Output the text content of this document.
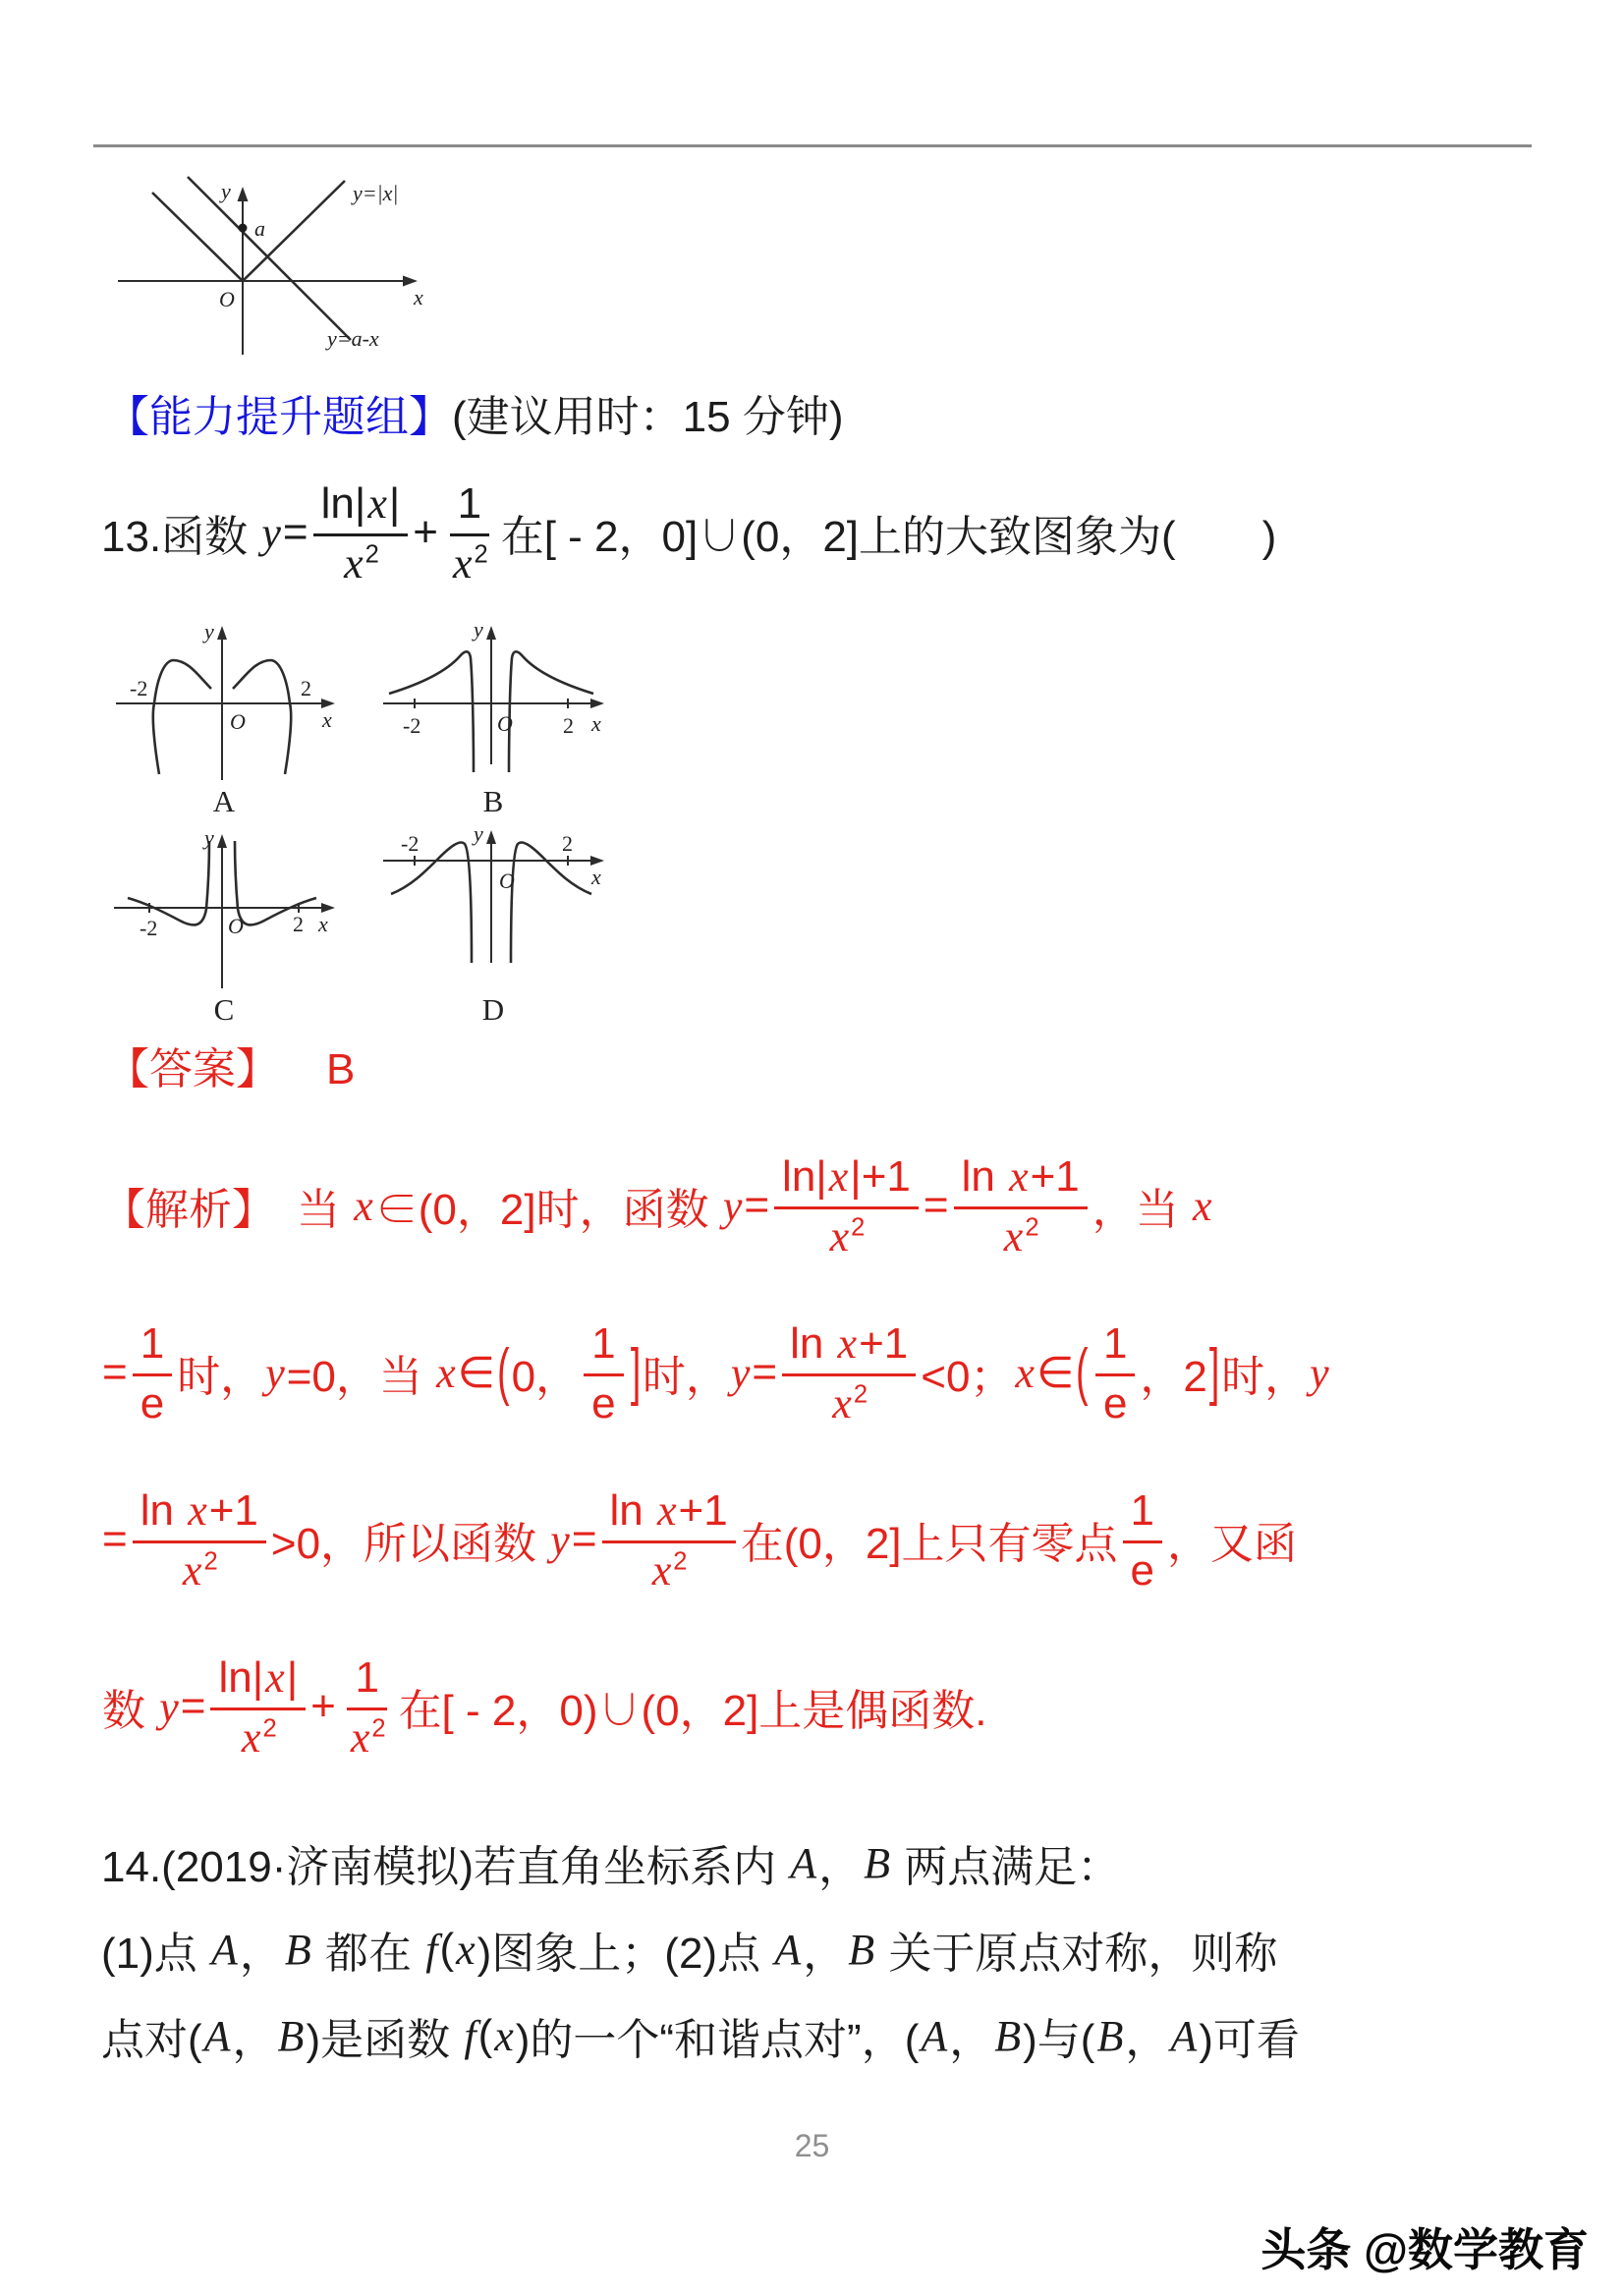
y
x
O
a
y=|x|
y=a-x
【能力提升题组】(建议用时：15 分钟)
13.函数 $y = \frac{\ln|x|}{x^2} + \frac{1}{x^2}$ 在[ - 2，0]∪(0，2]上的大致图象为(　　)
-2	2
O	x
y
A
-2	2
O	x
y
B
-2	2
O	x
y
C
-2	2
O	x
y
D
【答案】 B
【解析】　当 x ∈(0，2]时，函数 $y = \frac{\ln|x|+1}{x^2} = \frac{\text{ln x+1}}{x^2}$ ，当 x
= $\frac{1}{e}$ 时， y =0，当 x ∈ ( 0， $\frac{1}{e}$ ] 时， $y = \frac{\text{ln x+1}}{x^2} <0$； x ∈ ( $\frac{1}{e}$ ，2 ] 时， y
= $\frac{\text{ln x+1}}{x^2} >0$，所以函数 $y = \frac{\text{ln x+1}}{x^2}$ 在(0，2]上只有零点 $\frac{1}{e}$ ，又函
数 $y = \frac{\ln|x|}{x^2} + \frac{1}{x^2}$ 在[ - 2，0)∪(0，2]上是偶函数.
14.(2019·济南模拟)若直角坐标系内 A ， B 两点满足：
(1)点 A ， B 都在 f ( x )图象上；(2)点 A ， B 关于原点对称，则称
点对( A ， B )是函数 f ( x )的一个“和谐点对”，( A ， B )与( B ， A )可看
25
头条 @数学教育
